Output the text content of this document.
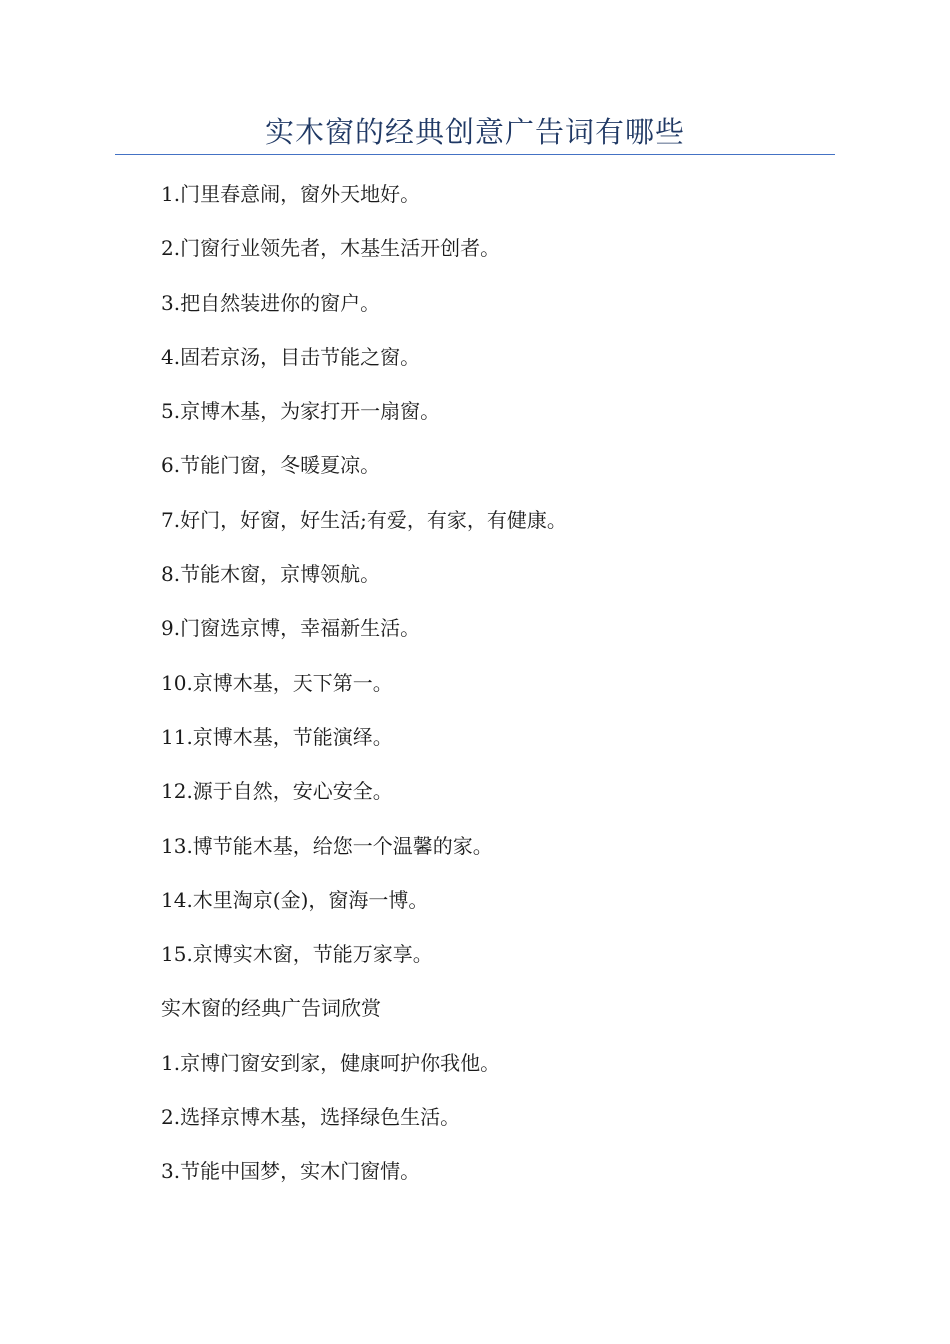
实木窗的经典创意广告词有哪些
1.门里春意闹，窗外天地好。
2.门窗行业领先者，木基生活开创者。
3.把自然装进你的窗户。
4.固若京汤，目击节能之窗。
5.京博木基，为家打开一扇窗。
6.节能门窗，冬暖夏凉。
7.好门，好窗，好生活;有爱，有家，有健康。
8.节能木窗，京博领航。
9.门窗选京博，幸福新生活。
10.京博木基，天下第一。
11.京博木基，节能演绎。
12.源于自然，安心安全。
13.博节能木基，给您一个温馨的家。
14.木里淘京(金)，窗海一博。
15.京博实木窗，节能万家享。
实木窗的经典广告词欣赏
1.京博门窗安到家，健康呵护你我他。
2.选择京博木基，选择绿色生活。
3.节能中国梦，实木门窗情。
